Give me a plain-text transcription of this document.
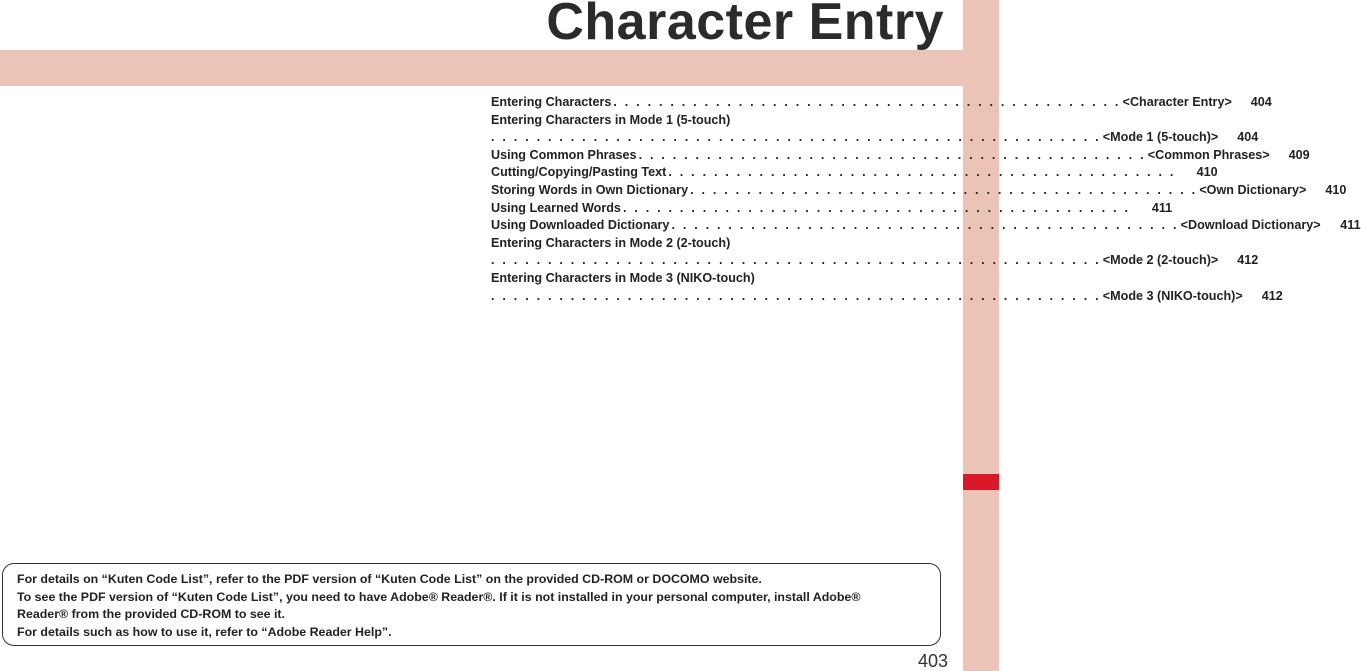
Character Entry
Entering Characters . . . . . . . . . . . . . . . . . . . . . . . . . . . . . . . . . . . . . . . . . . . . . <Character Entry>	404
Entering Characters in Mode 1 (5-touch)
. . . . . . . . . . . . . . . . . . . . . . . . . . . . . . . . . . . . . . . . . . . . . . . . . . . . . . <Mode 1 (5-touch)>	404
Using Common Phrases . . . . . . . . . . . . . . . . . . . . . . . . . . . . . . . . . . . . . . . . . . . . . <Common Phrases>	409
Cutting/Copying/Pasting Text . . . . . . . . . . . . . . . . . . . . . . . . . . . . . . . . . . . . . . . . . . . . .	410
Storing Words in Own Dictionary . . . . . . . . . . . . . . . . . . . . . . . . . . . . . . . . . . . . . . . . . . . . . <Own Dictionary>	410
Using Learned Words . . . . . . . . . . . . . . . . . . . . . . . . . . . . . . . . . . . . . . . . . . . . .	411
Using Downloaded Dictionary . . . . . . . . . . . . . . . . . . . . . . . . . . . . . . . . . . . . . . . . . . . . . <Download Dictionary>	411
Entering Characters in Mode 2 (2-touch)
. . . . . . . . . . . . . . . . . . . . . . . . . . . . . . . . . . . . . . . . . . . . . . . . . . . . . . <Mode 2 (2-touch)>	412
Entering Characters in Mode 3 (NIKO-touch)
. . . . . . . . . . . . . . . . . . . . . . . . . . . . . . . . . . . . . . . . . . . . . . . . . . . . . . <Mode 3 (NIKO-touch)>	412
For details on “Kuten Code List”, refer to the PDF version of “Kuten Code List” on the provided CD-ROM or DOCOMO website.
To see the PDF version of “Kuten Code List”, you need to have Adobe® Reader®. If it is not installed in your personal computer, install Adobe®
Reader® from the provided CD-ROM to see it.
For details such as how to use it, refer to “Adobe Reader Help”.
403
